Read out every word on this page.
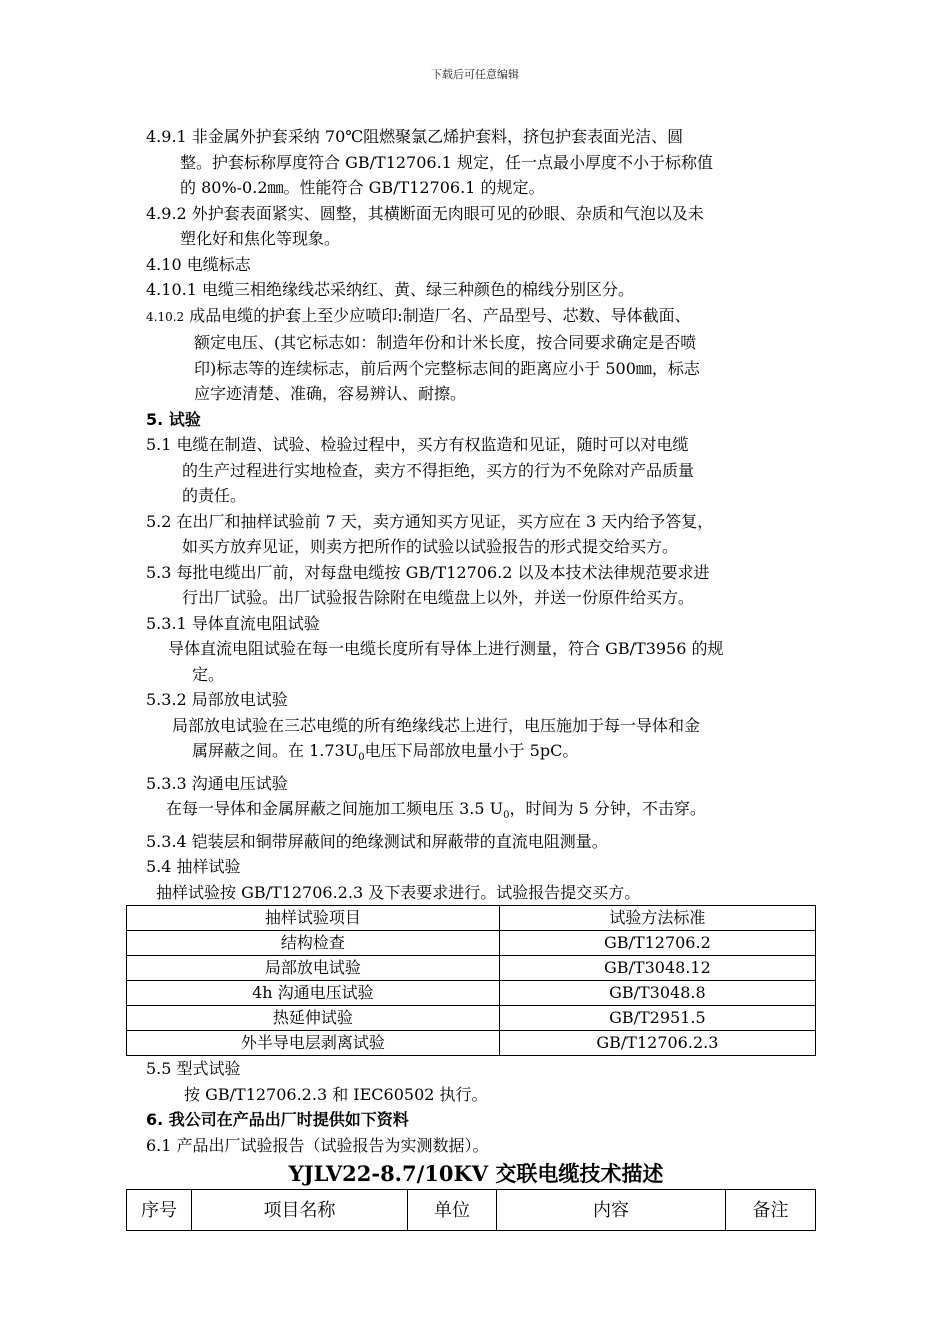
下载后可任意编辑

4.9.1 非金属外护套采纳 70℃阻燃聚氯乙烯护套料，挤包护套表面光洁、圆

整。护套标称厚度符合 GB/T12706.1 规定，任一点最小厚度不小于标称值

的 80%-0.2㎜。性能符合 GB/T12706.1 的规定。

4.9.2 外护套表面紧实、圆整，其横断面无肉眼可见的砂眼、杂质和气泡以及未

塑化好和焦化等现象。

4.10 电缆标志

4.10.1 电缆三相绝缘线芯采纳红、黄、绿三种颜色的棉线分别区分。

4.10.2 成品电缆的护套上至少应喷印:制造厂名、产品型号、芯数、导体截面、

额定电压、(其它标志如：制造年份和计米长度，按合同要求确定是否喷

印)标志等的连续标志，前后两个完整标志间的距离应小于 500㎜，标志

应字迹清楚、准确，容易辨认、耐擦。

5. 试验

5.1 电缆在制造、试验、检验过程中，买方有权监造和见证，随时可以对电缆

的生产过程进行实地检查，卖方不得拒绝，买方的行为不免除对产品质量

的责任。

5.2 在出厂和抽样试验前 7 天，卖方通知买方见证，买方应在 3 天内给予答复，

如买方放弃见证，则卖方把所作的试验以试验报告的形式提交给买方。

5.3 每批电缆出厂前，对每盘电缆按 GB/T12706.2 以及本技术法律规范要求进

行出厂试验。出厂试验报告除附在电缆盘上以外，并送一份原件给买方。

5.3.1 导体直流电阻试验

导体直流电阻试验在每一电缆长度所有导体上进行测量，符合 GB/T3956 的规

定。

5.3.2 局部放电试验

局部放电试验在三芯电缆的所有绝缘线芯上进行，电压施加于每一导体和金

属屏蔽之间。在 $1.73U_0$电压下局部放电量小于 5pC。

5.3.3 沟通电压试验

在每一导体和金属屏蔽之间施加工频电压 3.5 $U_0$，时间为 5 分钟，不击穿。

5.3.4 铠装层和铜带屏蔽间的绝缘测试和屏蔽带的直流电阻测量。

5.4 抽样试验

抽样试验按 GB/T12706.2.3 及下表要求进行。试验报告提交买方。

抽样试验项目	试验方法标准
结构检查	GB/T12706.2
局部放电试验	GB/T3048.12
4h 沟通电压试验	GB/T3048.8
热延伸试验	GB/T2951.5
外半导电层剥离试验	GB/T12706.2.3

5.5 型式试验

按 GB/T12706.2.3 和 IEC60502 执行。

6. 我公司在产品出厂时提供如下资料

6.1 产品出厂试验报告（试验报告为实测数据）。

YJLV22-8.7/10KV 交联电缆技术描述
序号	项目名称	单位	内容	备注
